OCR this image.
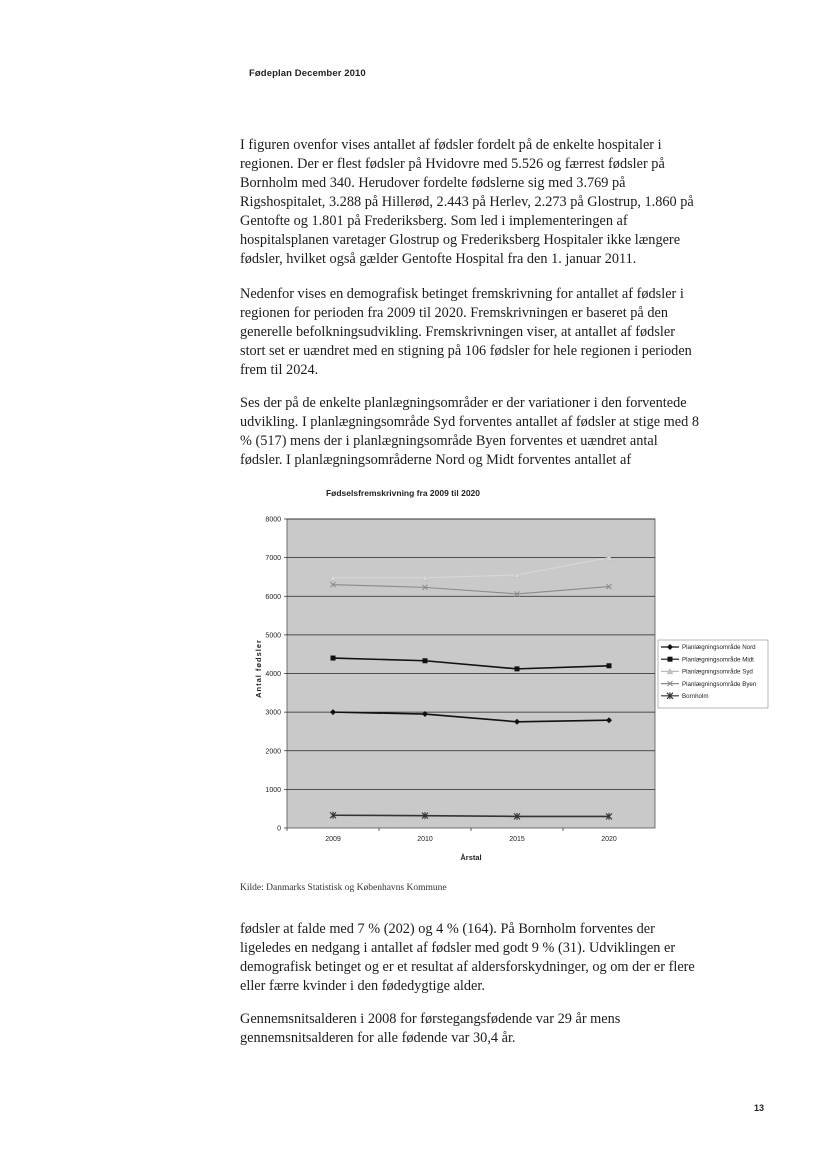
Fødeplan December 2010

I figuren ovenfor vises antallet af fødsler fordelt på de enkelte hospitaler i regionen. Der er flest fødsler på Hvidovre med 5.526 og færrest fødsler på Bornholm med 340. Herudover fordelte fødslerne sig med 3.769 på Rigshospitalet, 3.288 på Hillerød, 2.443 på Herlev, 2.273 på Glostrup, 1.860 på Gentofte og 1.801 på Frederiksberg. Som led i implementeringen af hospitalsplanen varetager Glostrup og Frederiksberg Hospitaler ikke længere fødsler, hvilket også gælder Gentofte Hospital fra den 1. januar 2011.

Nedenfor vises en demografisk betinget fremskrivning for antallet af fødsler i regionen for perioden fra 2009 til 2020. Fremskrivningen er baseret på den generelle befolkningsudvikling. Fremskrivningen viser, at antallet af fødsler stort set er uændret med en stigning på 106 fødsler for hele regionen i perioden frem til 2024.

Ses der på de enkelte planlægningsområder er der variationer i den forventede udvikling. I planlægningsområde Syd forventes antallet af fødsler at stige med 8 % (517) mens der i planlægningsområde Byen forventes et uændret antal fødsler. I planlægningsområderne Nord og Midt forventes antallet af

Fødselsfremskrivning fra 2009 til 2020
0
1000
2000
3000
4000
5000
6000
7000
8000
2009	2010	2015	2020
Årstal
Antal fødsler	Planlægningsområde Nord
Planlægningsområde Midt
Planlægningsområde Syd
Planlægningsområde Byen
Bornholm
Kilde: Danmarks Statistisk og Københavns Kommune

fødsler at falde med 7 % (202) og 4 % (164). På Bornholm forventes der ligeledes en nedgang i antallet af fødsler med godt 9 % (31). Udviklingen er demografisk betinget og er et resultat af aldersforskydninger, og om der er flere eller færre kvinder i den fødedygtige alder.

Gennemsnitsalderen i 2008 for førstegangsfødende var 29 år mens gennemsnitsalderen for alle fødende var 30,4 år.

13
